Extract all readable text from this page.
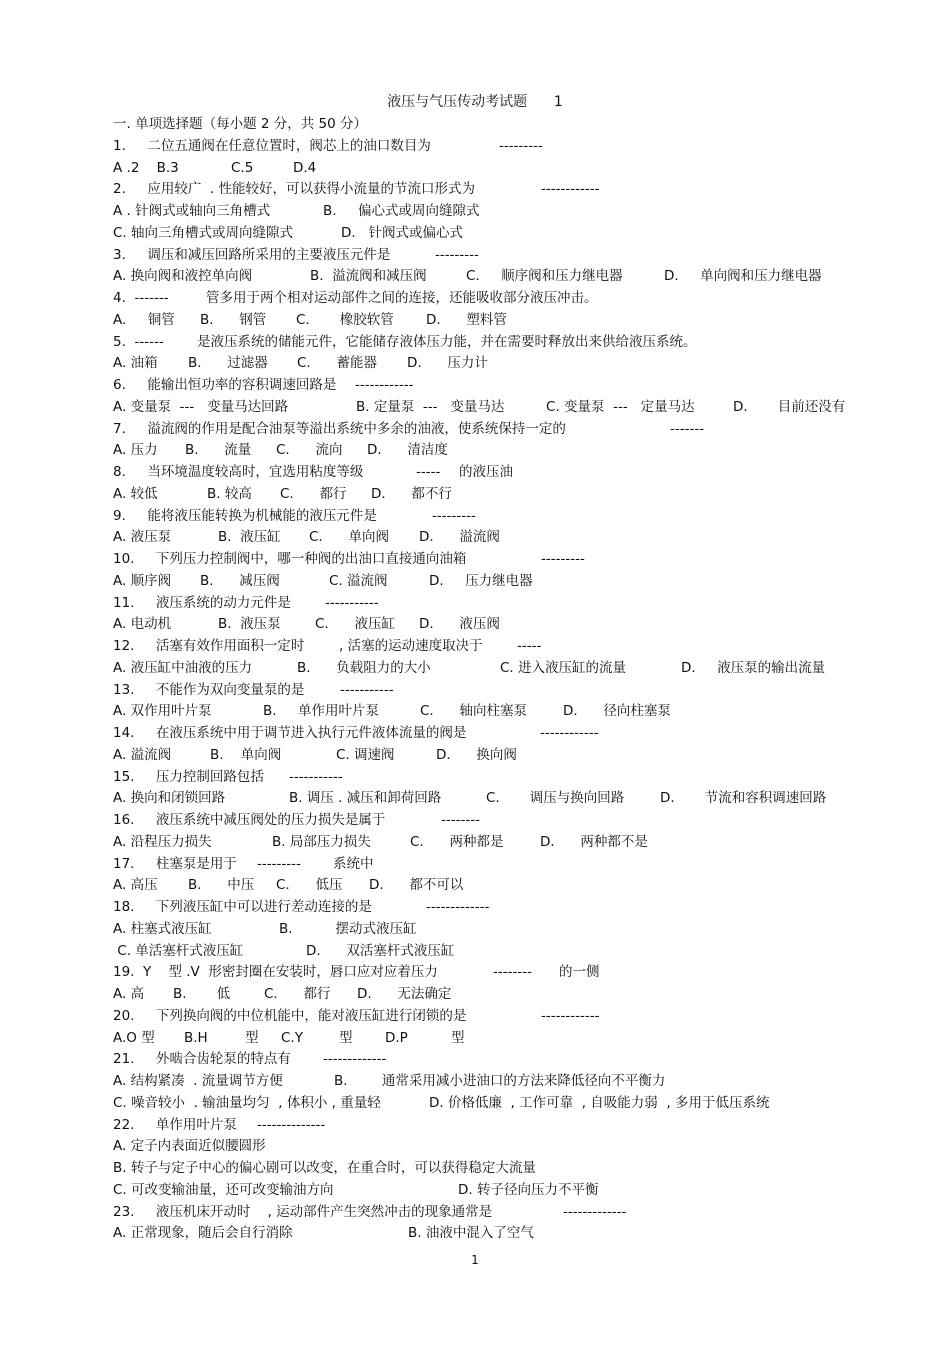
液压与气压传动考试题      1
一. 单项选择题（每小题 2 分，共 50 分）
1.     二位五通阀在任意位置时，阀芯上的油口数目为	---------
A .2    B.3	C.5	D.4
2.     应用较广  . 性能较好，可以获得小流量的节流口形式为	------------
A . 针阀式或轴向三角槽式	B.     偏心式或周向缝隙式
C. 轴向三角槽式或周向缝隙式	D.   针阀式或偏心式
3.     调压和减压回路所采用的主要液压元件是	---------
A. 换向阀和液控单向阀	B.  溢流阀和减压阀	C.     顺序阀和压力继电器	D.     单向阀和压力继电器
4.  -------	管多用于两个相对运动部件之间的连接，还能吸收部分液压冲击。
A.     铜管 B.      钢管 C.       橡胶软管 D.      塑料管
5.  ------ 是液压系统的储能元件，它能储存液体压力能，并在需要时释放出来供给液压系统。
A. 油箱 B.      过滤器 C.      蓄能器 D.      压力计
6.     能输出恒功率的容积调速回路是 ------------
A. 变量泵  ---   变量马达回路	B. 定量泵  ---   变量马达	C. 变量泵  ---   定量马达	D.       目前还没有
7.     溢流阀的作用是配合油泵等溢出系统中多余的油液，使系统保持一定的	-------
A. 压力 B.      流量 C.      流向 D.      清洁度
8.     当环境温度较高时，宜选用粘度等级	----- 的液压油
A. 较低	B. 较高 C.      都行 D.      都不行
9.     能将液压能转换为机械能的液压元件是	---------
A. 液压泵	B.  液压缸 C.      单向阀 D.      溢流阀
10.     下列压力控制阀中，哪一种阀的出油口直接通向油箱	---------
A. 顺序阀 B.      减压阀	C. 溢流阀	D.     压力继电器
11.     液压系统的动力元件是	-----------
A. 电动机	B.  液压泵	C.      液压缸 D.      液压阀
12.     活塞有效作用面积一定时	, 活塞的运动速度取决于	-----
A. 液压缸中油液的压力	B.      负载阻力的大小	C. 进入液压缸的流量	D.     液压泵的输出流量
13.     不能作为双向变量泵的是	-----------
A. 双作用叶片泵	B.     单作用叶片泵	C.      轴向柱塞泵	D.      径向柱塞泵
14.     在液压系统中用于调节进入执行元件液体流量的阀是	------------
A. 溢流阀	B.    单向阀	C. 调速阀	D.      换向阀
15.     压力控制回路包括 -----------
A. 换向和闭锁回路	B. 调压 . 减压和卸荷回路	C.       调压与换向回路	D.       节流和容积调速回路
16.     液压系统中减压阀处的压力损失是属于	--------
A. 沿程压力损失	B. 局部压力损失	C.      两种都是	D.      两种都不是
17.     柱塞泵是用于 --------- 系统中
A. 高压 B.      中压 C.      低压 D.      都不可以
18.     下列液压缸中可以进行差动连接的是	-------------
A. 柱塞式液压缸	B.          摆动式液压缸
C. 单活塞杆式液压缸	D.      双活塞杆式液压缸
19.  Y    型 .V  形密封圈在安装时，唇口应对应着压力	-------- 的一侧
A. 高 B.       低	C.      都行 D.      无法确定
20.     下列换向阀的中位机能中，能对液压缸进行闭锁的是	------------
A.O 型 B.H	型 C.Y	型 D.P	型
21.     外啮合齿轮泵的特点有 -------------
A. 结构紧凑  . 流量调节方便	B.        通常采用减小进油口的方法来降低径向不平衡力
C. 噪音较小  . 输油量均匀  , 体积小 , 重量轻	D. 价格低廉  , 工作可靠  , 自吸能力弱  , 多用于低压系统
22.     单作用叶片泵 --------------
A. 定子内表面近似腰圆形
B. 转子与定子中心的偏心剧可以改变，在重合时，可以获得稳定大流量
C. 可改变输油量，还可改变输油方向	D. 转子径向压力不平衡
23.     液压机床开动时    , 运动部件产生突然冲击的现象通常是	-------------
A. 正常现象，随后会自行消除	B. 油液中混入了空气
1
